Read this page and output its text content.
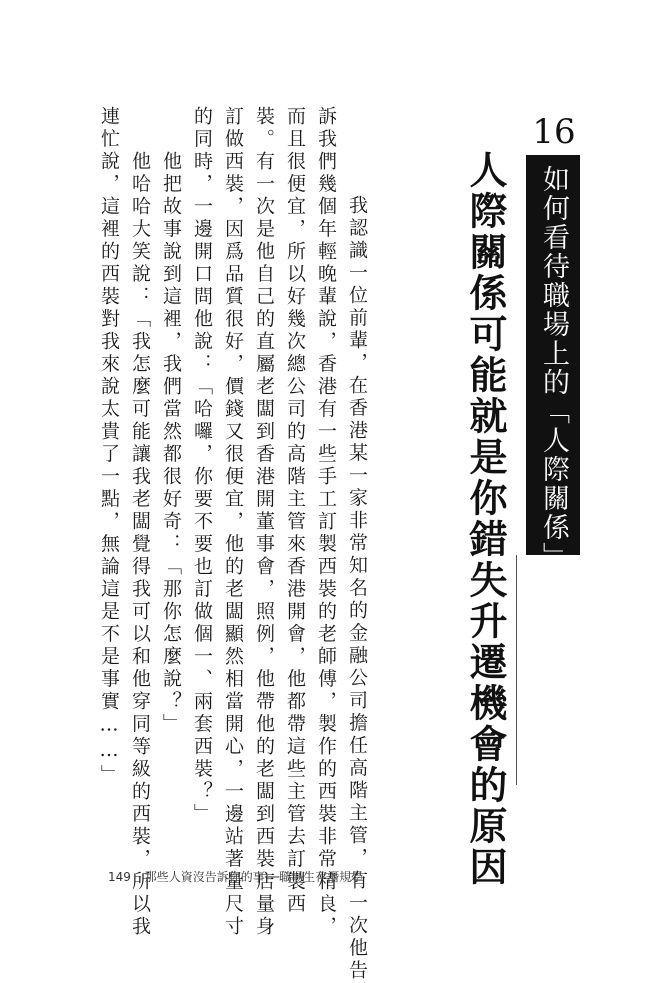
16
如何看待職場上的「人際關係」？
人際關係可能就是你錯失升遷機會的原因
　　我認識一位前輩，在香港某一家非常知名的金融公司擔任高階主管，有一次他告
訴我們幾個年輕晚輩說，香港有一些手工訂製西裝的老師傅，製作的西裝非常精良，
而且很便宜，所以好幾次總公司的高階主管來香港開會，他都帶這些主管去訂製西
裝。有一次是他自己的直屬老闆到香港開董事會，照例，他帶他的老闆到西裝店量身
訂做西裝，因爲品質很好，價錢又很便宜，他的老闆顯然相當開心，一邊站著量尺寸
的同時，一邊開口問他說：「哈囉，你要不要也訂做個一、兩套西裝？」
　　他把故事說到這裡，我們當然都很好奇：「那你怎麼說？」
　　他哈哈大笑說：「我怎麼可能讓我老闆覺得我可以和他穿同等級的西裝，所以我
連忙說，這裡的西裝對我來說太貴了一點，無論這是不是事實……」
149 那些人資沒告訴你的事──職場生存潛規學
